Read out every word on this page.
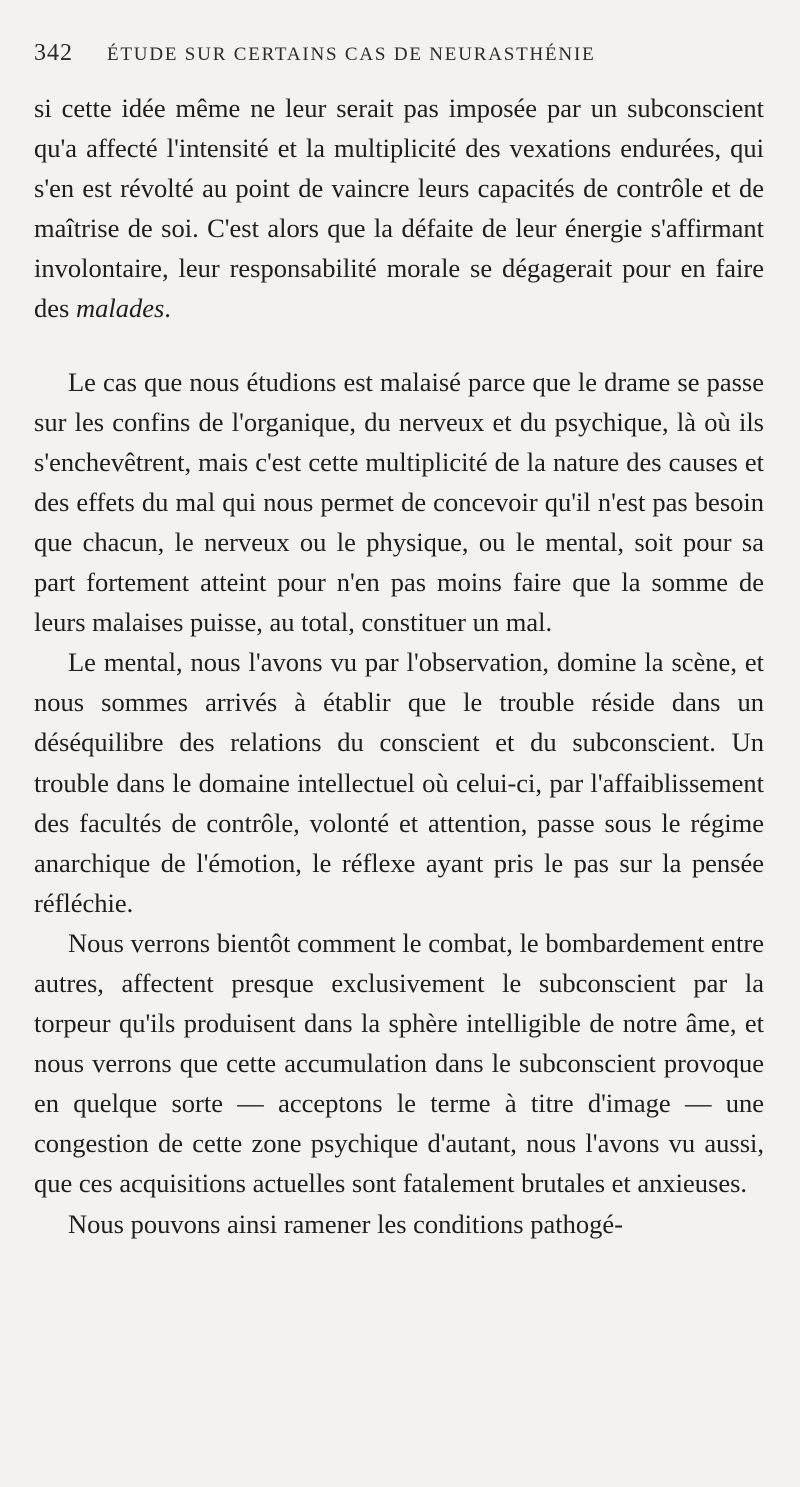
342 ÉTUDE SUR CERTAINS CAS DE NEURASTHÉNIE

si cette idée même ne leur serait pas imposée par un subconscient qu'a affecté l'intensité et la multiplicité des vexations endurées, qui s'en est révolté au point de vaincre leurs capacités de contrôle et de maîtrise de soi. C'est alors que la défaite de leur énergie s'affirmant involontaire, leur responsabilité morale se dégagerait pour en faire des malades.

Le cas que nous étudions est malaisé parce que le drame se passe sur les confins de l'organique, du nerveux et du psychique, là où ils s'enchevêtrent, mais c'est cette multiplicité de la nature des causes et des effets du mal qui nous permet de concevoir qu'il n'est pas besoin que chacun, le nerveux ou le physique, ou le mental, soit pour sa part fortement atteint pour n'en pas moins faire que la somme de leurs malaises puisse, au total, constituer un mal.

Le mental, nous l'avons vu par l'observation, domine la scène, et nous sommes arrivés à établir que le trouble réside dans un déséquilibre des relations du conscient et du subconscient. Un trouble dans le domaine intellectuel où celui-ci, par l'affaiblissement des facultés de contrôle, volonté et attention, passe sous le régime anarchique de l'émotion, le réflexe ayant pris le pas sur la pensée réfléchie.

Nous verrons bientôt comment le combat, le bombardement entre autres, affectent presque exclusivement le subconscient par la torpeur qu'ils produisent dans la sphère intelligible de notre âme, et nous verrons que cette accumulation dans le subconscient provoque en quelque sorte — acceptons le terme à titre d'image — une congestion de cette zone psychique d'autant, nous l'avons vu aussi, que ces acquisitions actuelles sont fatalement brutales et anxieuses.

Nous pouvons ainsi ramener les conditions pathogé-
